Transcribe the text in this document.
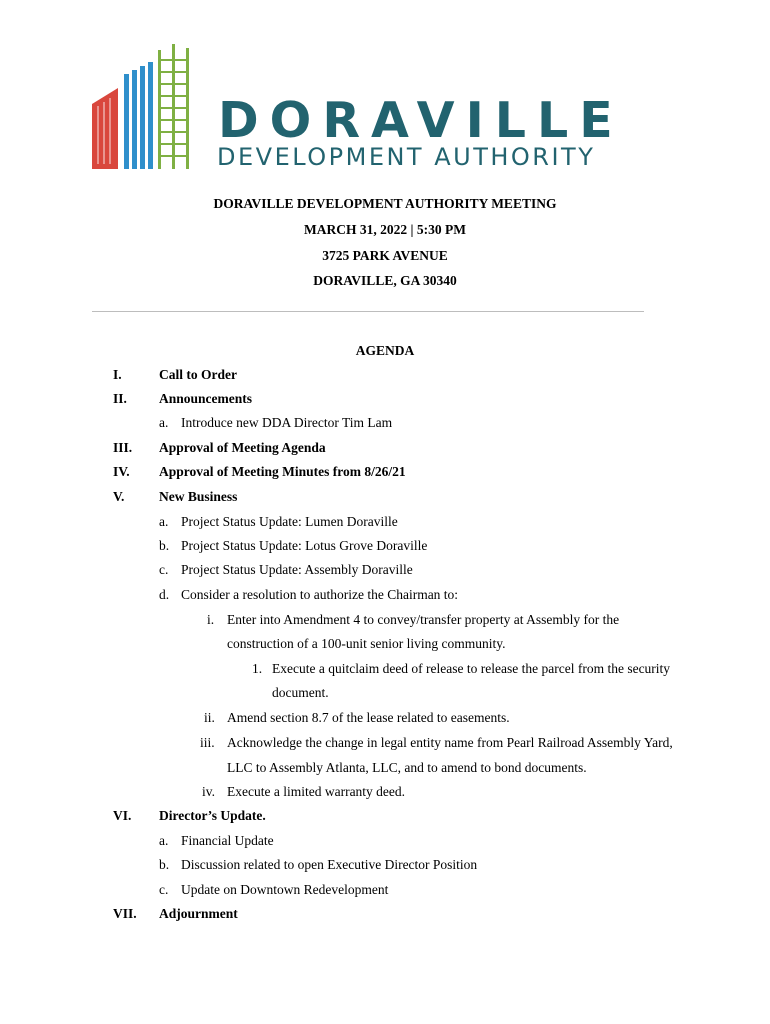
DORAVILLE
DEVELOPMENT AUTHORITY
DORAVILLE DEVELOPMENT AUTHORITY MEETING
MARCH 31, 2022 | 5:30 PM
3725 PARK AVENUE
DORAVILLE, GA 30340
AGENDA
I.	Call to Order
II. Announcements
a. Introduce new DDA Director Tim Lam
III. Approval of Meeting Agenda
IV. Approval of Meeting Minutes from 8/26/21
V.	New Business
a. Project Status Update: Lumen Doraville
b. Project Status Update: Lotus Grove Doraville
c. Project Status Update: Assembly Doraville
d. Consider a resolution to authorize the Chairman to:
i. Enter into Amendment 4 to convey/transfer property at Assembly for the
construction of a 100-unit senior living community.
1. Execute a quitclaim deed of release to release the parcel from the security
document.
ii. Amend section 8.7 of the lease related to easements.
iii. Acknowledge the change in legal entity name from Pearl Railroad Assembly Yard,
LLC to Assembly Atlanta, LLC, and to amend to bond documents.
iv. Execute a limited warranty deed.
VI. Director’s Update.
a. Financial Update
b. Discussion related to open Executive Director Position
c. Update on Downtown Redevelopment
VII. Adjournment
